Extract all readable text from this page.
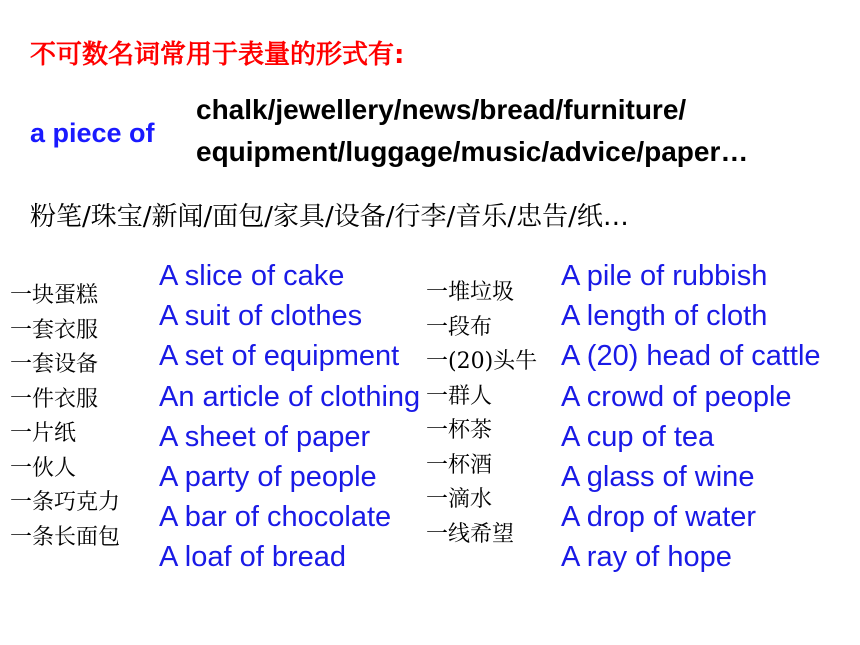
不可数名词常用于表量的形式有:
a piece of
chalk/jewellery/news/bread/furniture/
equipment/luggage/music/advice/paper…
粉笔/珠宝/新闻/面包/家具/设备/行李/音乐/忠告/纸…
一块蛋糕
一套衣服
一套设备
一件衣服
一片纸
一伙人
一条巧克力
一条长面包
A slice of cake
A suit of clothes
A set of equipment
An article of clothing
A sheet of paper
A party of people
A bar of chocolate
A loaf of bread
一堆垃圾
一段布
一(20)头牛
一群人
一杯茶
一杯酒
一滴水
一线希望
A pile of rubbish
A length of cloth
A (20) head of cattle
A crowd of people
A cup of tea
A glass of wine
A drop of water
A ray of hope
